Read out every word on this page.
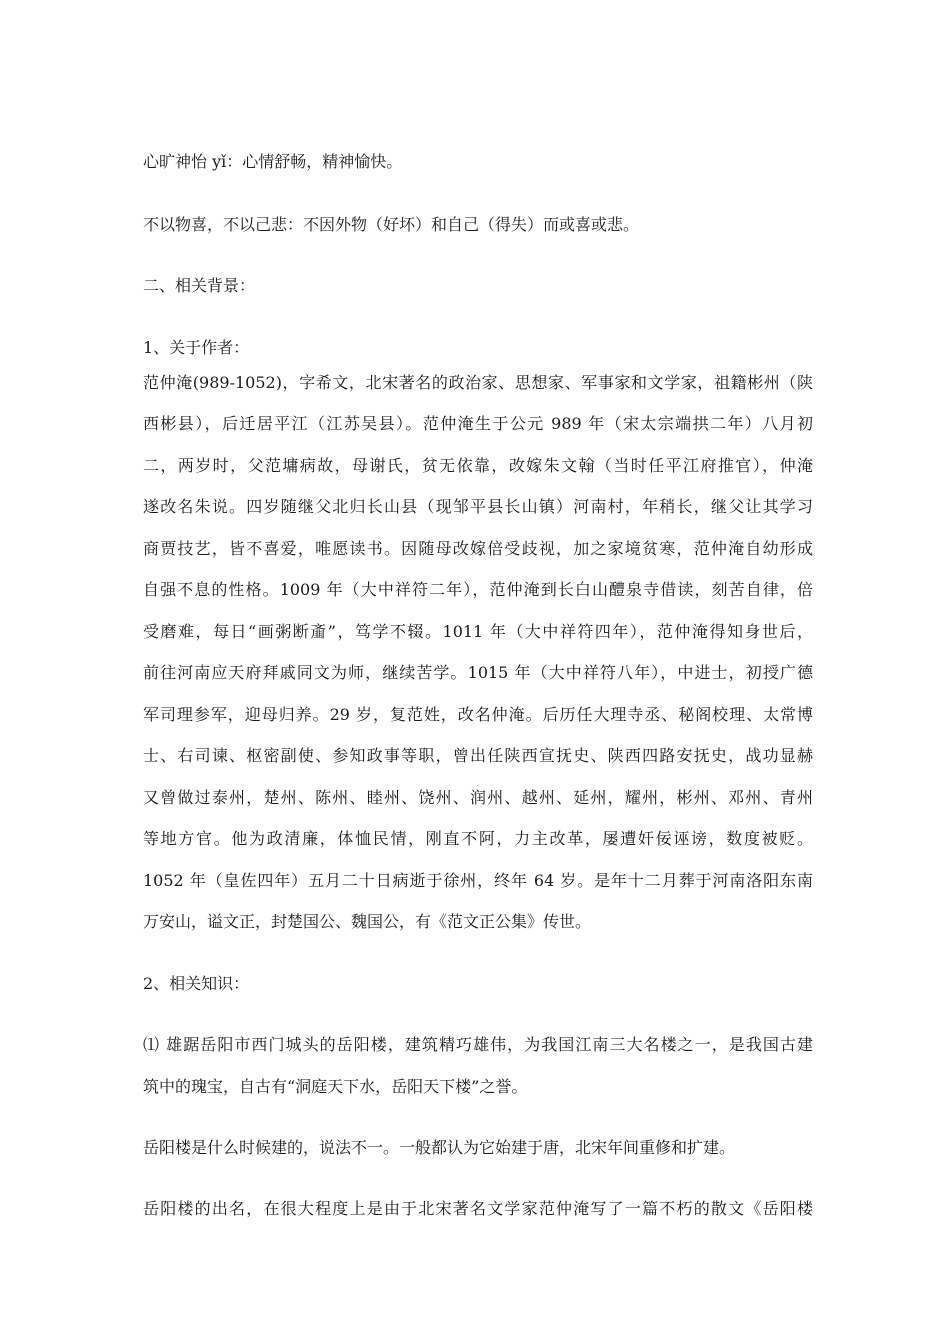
心旷神怡 yǐ：心情舒畅，精神愉快。

不以物喜，不以己悲：不因外物（好坏）和自己（得失）而或喜或悲。

二、相关背景：

1、关于作者：

范仲淹(989-1052)，字希文，北宋著名的政治家、思想家、军事家和文学家，祖籍彬州（陕

西彬县），后迁居平江（江苏吴县）。范仲淹生于公元 989 年（宋太宗端拱二年）八月初

二，两岁时，父范墉病故，母谢氏，贫无依靠，改嫁朱文翰（当时任平江府推官），仲淹

遂改名朱说。四岁随继父北归长山县（现邹平县长山镇）河南村，年稍长，继父让其学习

商贾技艺，皆不喜爱，唯愿读书。因随母改嫁倍受歧视，加之家境贫寒，范仲淹自幼形成

自强不息的性格。1009 年（大中祥符二年），范仲淹到长白山醴泉寺借读，刻苦自律，倍

受磨难，每日“画粥断齑”，笃学不辍。1011 年（大中祥符四年），范仲淹得知身世后，

前往河南应天府拜戚同文为师，继续苦学。1015 年（大中祥符八年），中进士，初授广德

军司理参军，迎母归养。29 岁，复范姓，改名仲淹。后历任大理寺丞、秘阁校理、太常博

士、右司谏、枢密副使、参知政事等职，曾出任陕西宣抚史、陕西四路安抚史，战功显赫

又曾做过泰州，楚州、陈州、睦州、饶州、润州、越州、延州，耀州，彬州、邓州、青州

等地方官。他为政清廉，体恤民情，刚直不阿，力主改革，屡遭奸佞诬谤，数度被贬。

1052 年（皇佐四年）五月二十日病逝于徐州，终年 64 岁。是年十二月葬于河南洛阳东南

万安山，谥文正，封楚国公、魏国公，有《范文正公集》传世。

2、相关知识：

⑴ 雄踞岳阳市西门城头的岳阳楼，建筑精巧雄伟，为我国江南三大名楼之一，是我国古建

筑中的瑰宝，自古有“洞庭天下水，岳阳天下楼”之誉。

岳阳楼是什么时候建的，说法不一。一般都认为它始建于唐，北宋年间重修和扩建。

岳阳楼的出名，在很大程度上是由于北宋著名文学家范仲淹写了一篇不朽的散文《岳阳楼
